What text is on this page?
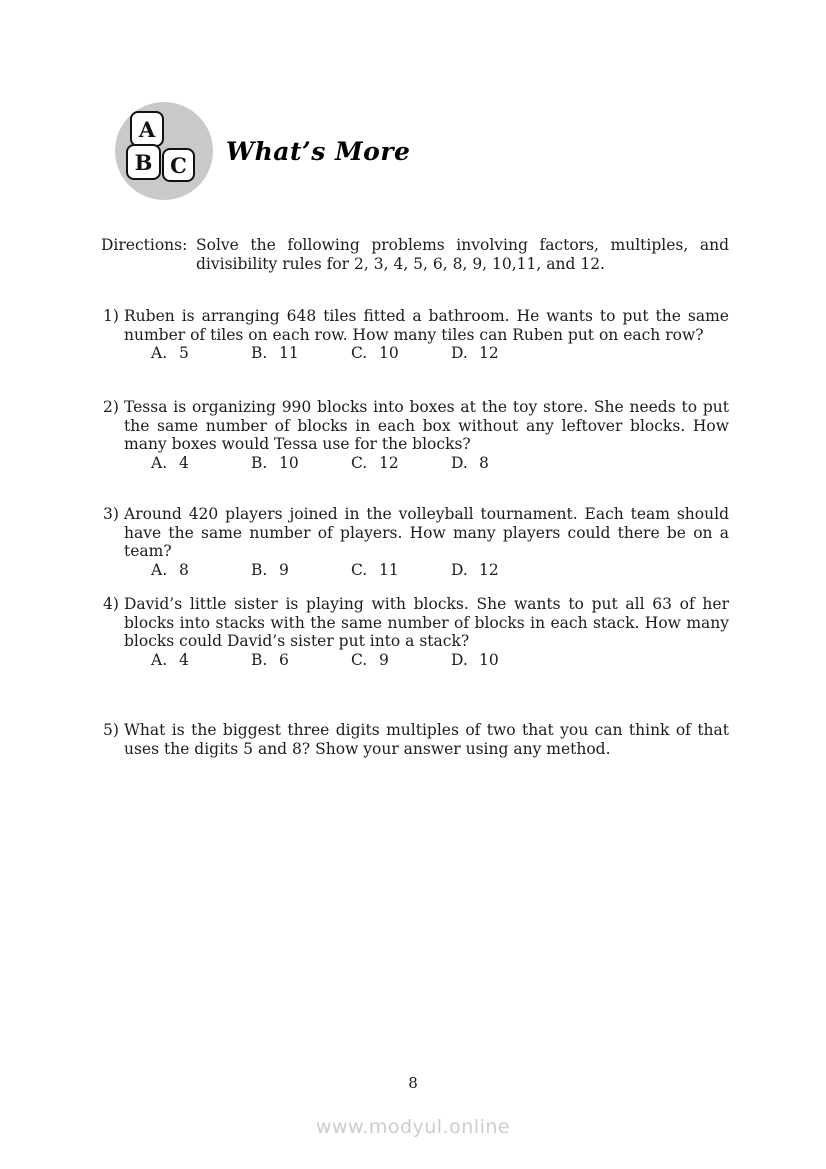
A
B C What’s More
Directions: Solve the following problems involving factors, multiples, and divisibility rules for 2, 3, 4, 5, 6, 8, 9, 10,11, and 12.
1) Ruben is arranging 648 tiles fitted a bathroom. He wants to put the same number of tiles on each row. How many tiles can Ruben put on each row?
A. 5	B. 11	C. 10	D. 12
2) Tessa is organizing 990 blocks into boxes at the toy store. She needs to put the same number of blocks in each box without any leftover blocks. How many boxes would Tessa use for the blocks?
A. 4	B. 10	C. 12	D. 8
3) Around 420 players joined in the volleyball tournament. Each team should have the same number of players. How many players could there be on a team?
A. 8	B. 9	C. 11	D. 12
4) David’s little sister is playing with blocks. She wants to put all 63 of her blocks into stacks with the same number of blocks in each stack. How many blocks could David’s sister put into a stack?
A. 4	B. 6	C. 9	D. 10
5) What is the biggest three digits multiples of two that you can think of that uses the digits 5 and 8? Show your answer using any method.
8
www.modyul.online
